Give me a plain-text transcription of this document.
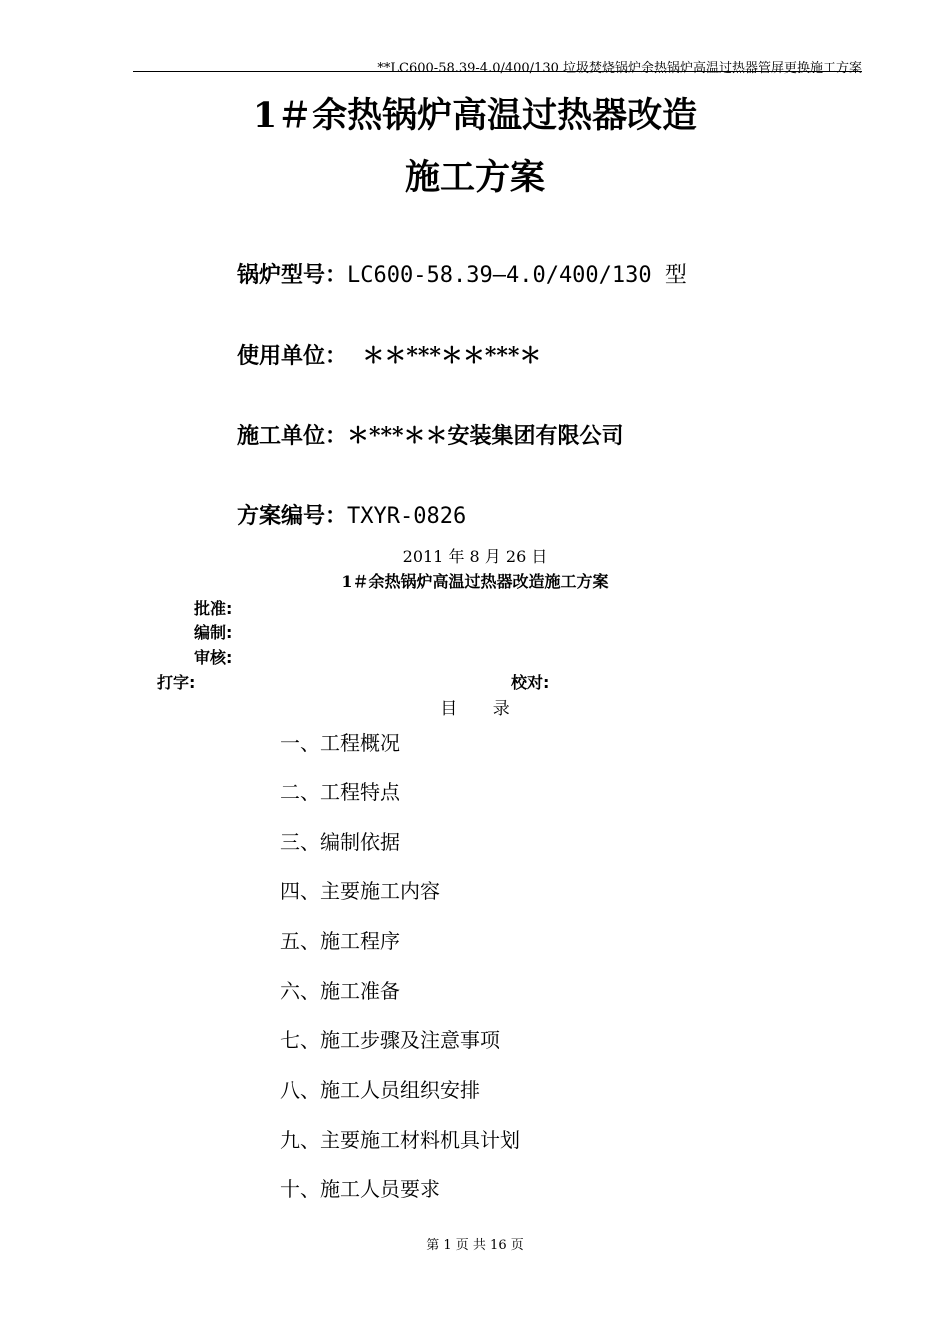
**LC600-58.39-4.0/400/130 垃圾焚烧锅炉余热锅炉高温过热器管屏更换施工方案
1＃余热锅炉高温过热器改造
施工方案
锅炉型号：LC600-58.39—4.0/400/130 型
使用单位： ＊＊***＊＊***＊
施工单位：＊***＊＊安装集团有限公司
方案编号：TXYR-0826
2011 年 8 月 26 日
1＃余热锅炉高温过热器改造施工方案
批准:
编制:
审核:
打字:	校对:
目 录
一、工程概况
二、工程特点
三、编制依据
四、主要施工内容
五、施工程序
六、施工准备
七、施工步骤及注意事项
八、施工人员组织安排
九、主要施工材料机具计划
十、施工人员要求
第 1 页 共 16 页
